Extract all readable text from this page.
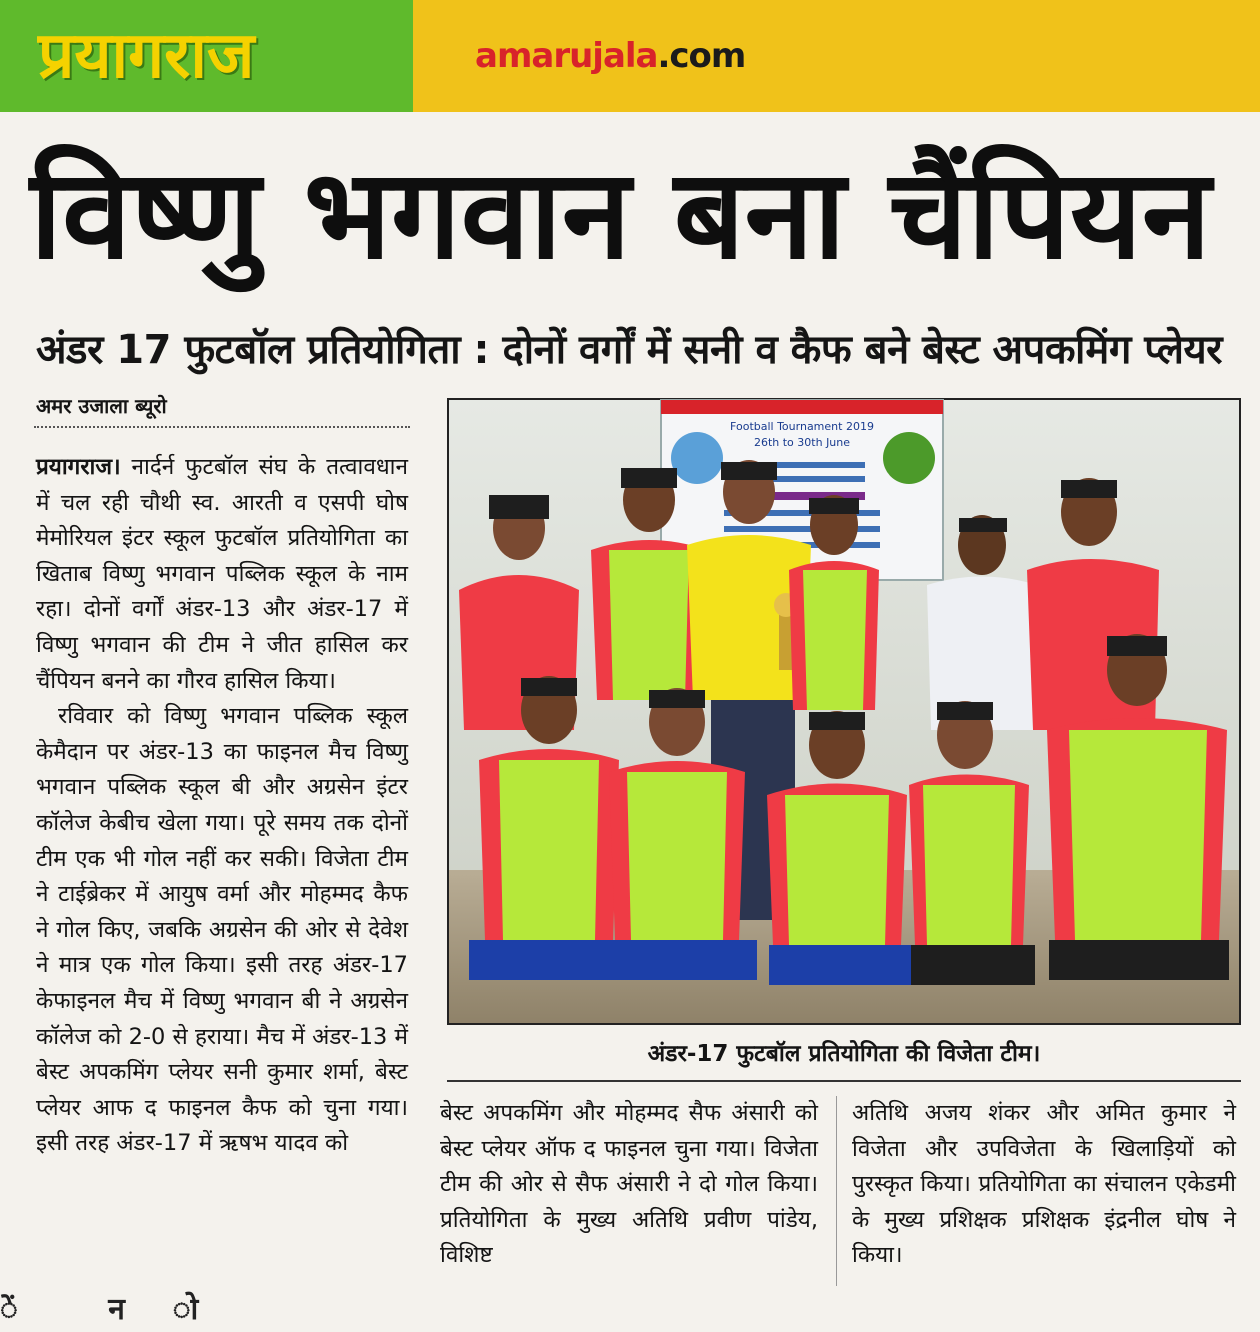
प्रयागराज	amarujala.com
विष्णु भगवान बना चैंपियन
अंडर 17 फुटबॉल प्रतियोगिता : दोनों वर्गों में सनी व कैफ बने बेस्ट अपकमिंग प्लेयर
अमर उजाला ब्यूरो

प्रयागराज। नार्दर्न फुटबॉल संघ के तत्वावधान में चल रही चौथी स्व. आरती व एसपी घोष मेमोरियल इंटर स्कूल फुटबॉल प्रतियोगिता का खिताब विष्णु भगवान पब्लिक स्कूल के नाम रहा। दोनों वर्गों अंडर-13 और अंडर-17 में विष्णु भगवान की टीम ने जीत हासिल कर चैंपियन बनने का गौरव हासिल किया।

रविवार को विष्णु भगवान पब्लिक स्कूल केमैदान पर अंडर-13 का फाइनल मैच विष्णु भगवान पब्लिक स्कूल बी और अग्रसेन इंटर कॉलेज केबीच खेला गया। पूरे समय तक दोनों टीम एक भी गोल नहीं कर सकी। विजेता टीम ने टाईब्रेकर में आयुष वर्मा और मोहम्मद कैफ ने गोल किए, जबकि अग्रसेन की ओर से देवेश ने मात्र एक गोल किया। इसी तरह अंडर-17 केफाइनल मैच में विष्णु भगवान बी ने अग्रसेन कॉलेज को 2-0 से हराया। मैच में अंडर-13 में बेस्ट अपकमिंग प्लेयर सनी कुमार शर्मा, बेस्ट प्लेयर आफ द फाइनल कैफ को चुना गया। इसी तरह अंडर-17 में ऋषभ यादव को

Football Tournament 2019
26th to 30th June
अंडर-17 फुटबॉल प्रतियोगिता की विजेता टीम।

बेस्ट अपकमिंग और मोहम्मद सैफ अंसारी को बेस्ट प्लेयर ऑफ द फाइनल चुना गया। विजेता टीम की ओर से सैफ अंसारी ने दो गोल किया। प्रतियोगिता के मुख्य अतिथि प्रवीण पांडेय, विशिष्ट

अतिथि अजय शंकर और अमित कुमार ने विजेता और उपविजेता के खिलाड़ियों को पुरस्कृत किया। प्रतियोगिता का संचालन एकेडमी के मुख्य प्रशिक्षक प्रशिक्षक इंद्रनील घोष ने किया।

ें न ो
